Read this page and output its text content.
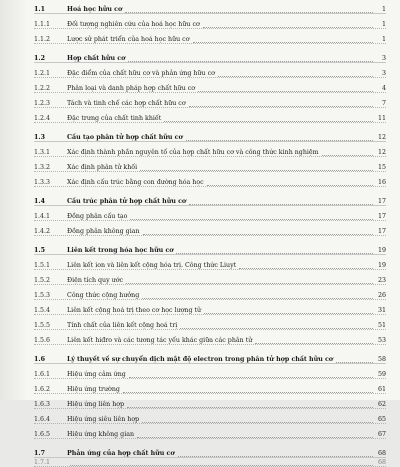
1.1	Hoá học hữu cơ	1
1.1.1	Đối tượng nghiên cứu của hoá học hữu cơ	1
1.1.2	Lược sử phát triển của hoá học hữu cơ	1
1.2	Hợp chất hữu cơ	3
1.2.1	Đặc điểm của chất hữu cơ và phản ứng hữu cơ	3
1.2.2	Phân loại và danh pháp hợp chất hữu cơ	4
1.2.3	Tách và tinh chế các hợp chất hữu cơ	7
1.2.4	Đặc trưng của chất tinh khiết	11
1.3	Cấu tạo phân tử hợp chất hữu cơ	12
1.3.1	Xác định thành phần nguyên tố của hợp chất hữu cơ và công thức kinh nghiệm	12
1.3.2	Xác định phân tử khối	15
1.3.3	Xác định cấu trúc bằng con đường hóa học	16
1.4	Cấu trúc phân tử hợp chất hữu cơ	17
1.4.1	Đồng phân cấu tạo	17
1.4.2	Đồng phân không gian	17
1.5	Liên kết trong hóa học hữu cơ	19
1.5.1	Liên kết ion và liên kết cộng hóa trị. Công thức Liuyt	19
1.5.2	Điện tích quy ước	23
1.5.3	Công thức cộng hưởng	26
1.5.4	Liên kết cộng hoá trị theo cơ học lượng tử	31
1.5.5	Tính chất của liên kết cộng hoá trị	51
1.5.6	Liên kết hiđro và các tương tác yếu khác giữa các phân tử	53
1.6	Lý thuyết về sự chuyển dịch mật độ electron trong phân tử hợp chất hữu cơ	58
1.6.1	Hiệu ứng cảm ứng	59
1.6.2	Hiệu ứng trường	61
1.6.3	Hiệu ứng liên hợp	62
1.6.4	Hiệu ứng siêu liên hợp	65
1.6.5	Hiệu ứng không gian	67
1.7	Phản ứng của hợp chất hữu cơ	68
1.7.1	68
